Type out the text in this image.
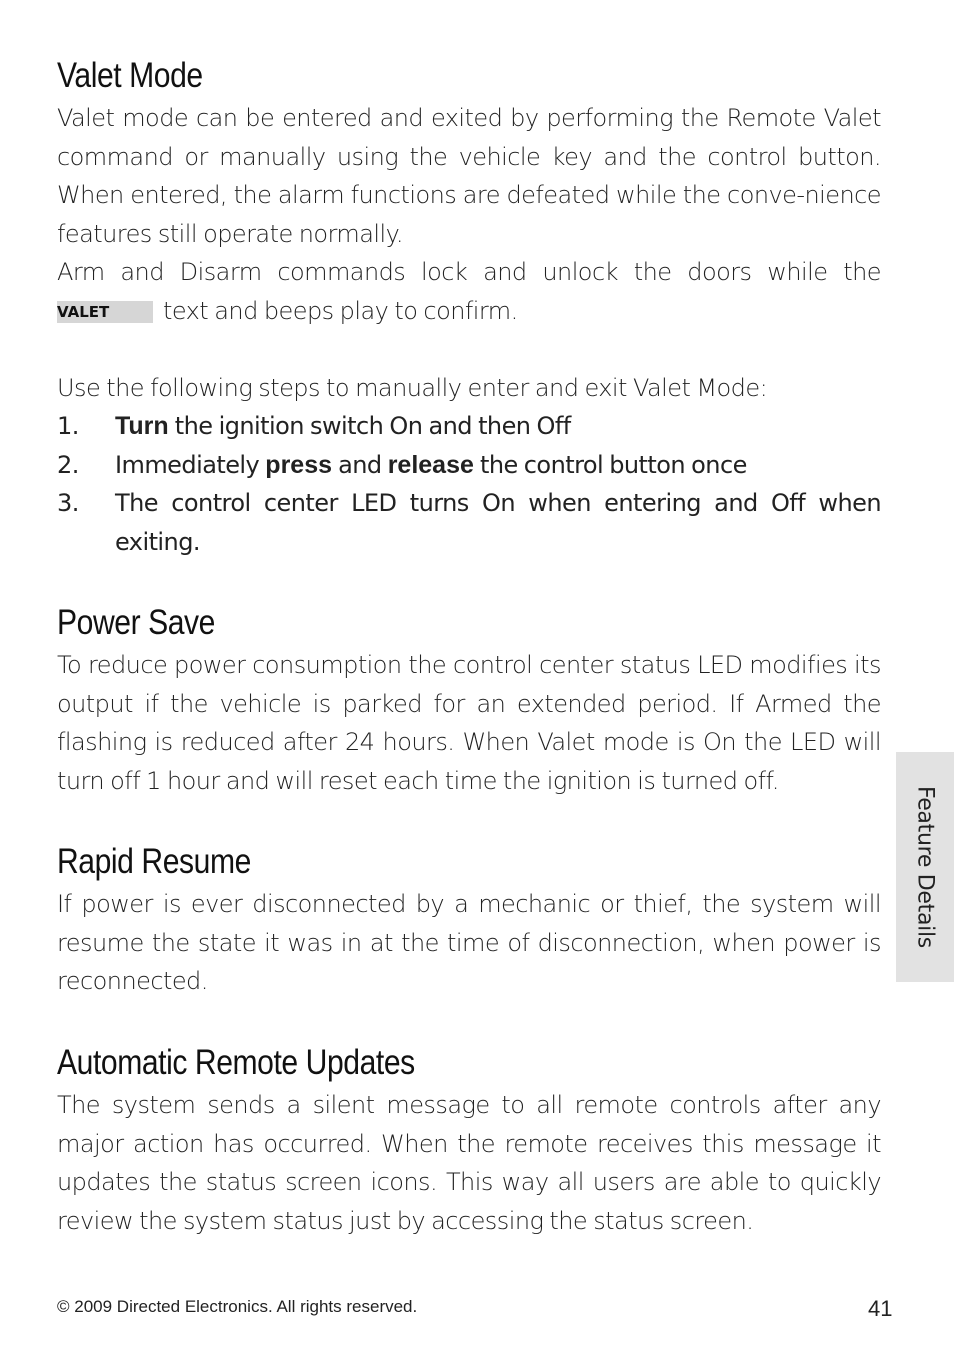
Valet Mode

Valet mode can be entered and exited by performing the Remote Valet command or manually using the vehicle key and the control button. When entered, the alarm functions are defeated while the conve-nience features still operate normally.

Arm and Disarm commands lock and unlock the doors while the VALET text and beeps play to confirm.

Use the following steps to manually enter and exit Valet Mode:

1. Turn the ignition switch On and then Off
2. Immediately press and release the control button once
3. The control center LED turns On when entering and Off when exiting.
Power Save

To reduce power consumption the control center status LED modifies its output if the vehicle is parked for an extended period. If Armed the flashing is reduced after 24 hours. When Valet mode is On the LED will turn off 1 hour and will reset each time the ignition is turned off.

Rapid Resume

If power is ever disconnected by a mechanic or thief, the system will resume the state it was in at the time of disconnection, when power is reconnected.

Automatic Remote Updates

The system sends a silent message to all remote controls after any major action has occurred. When the remote receives this message it updates the status screen icons. This way all users are able to quickly review the system status just by accessing the status screen.

Feature Details
© 2009 Directed Electronics. All rights reserved.	41
